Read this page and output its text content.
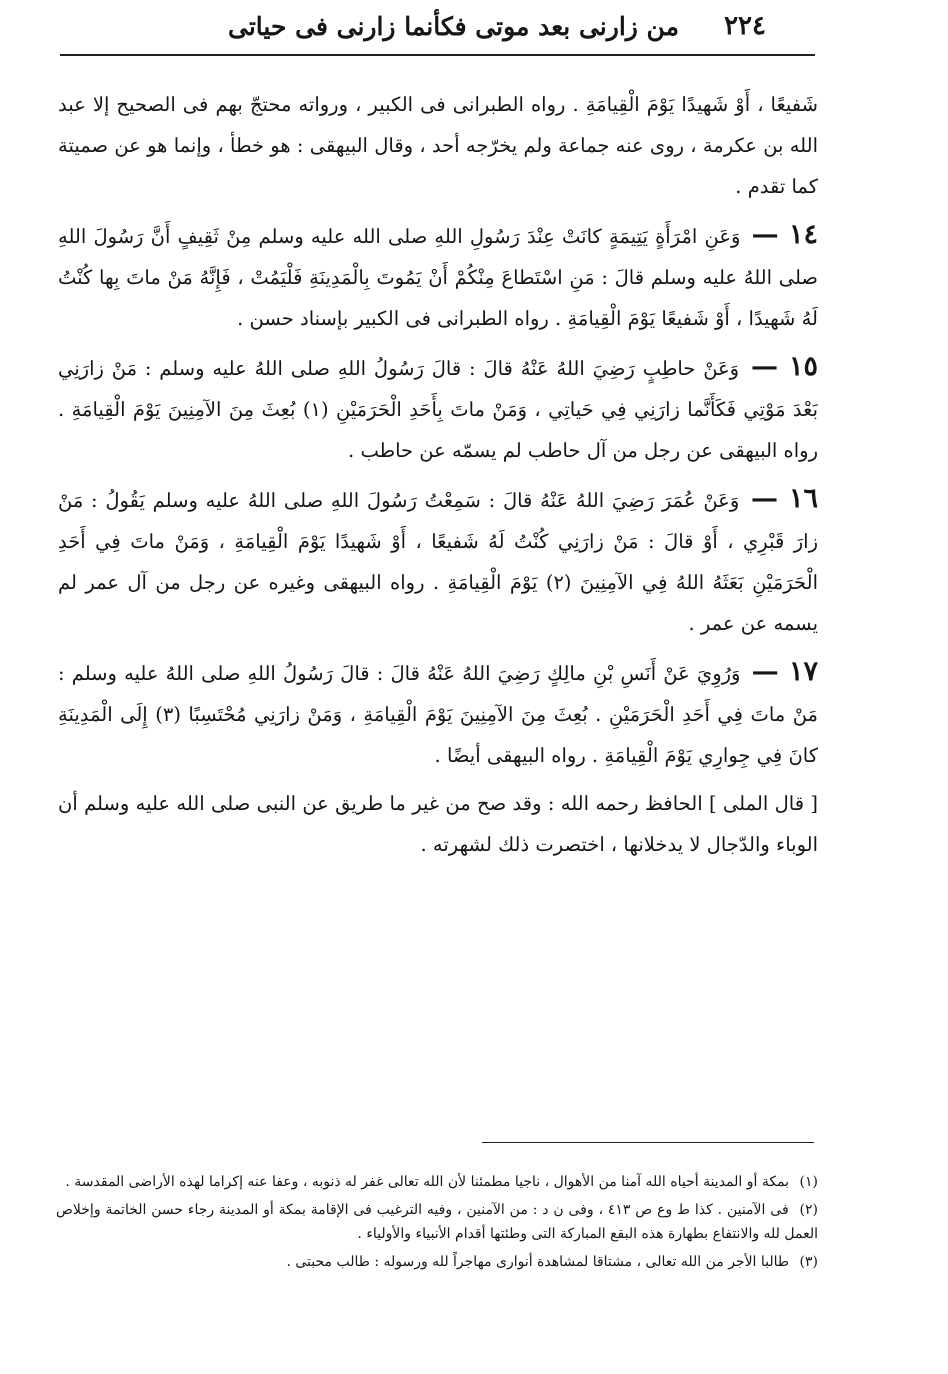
٢٢٤
من زارنى بعد موتى فكأنما زارنى فى حياتى

شَفيعًا ، أَوْ شَهيدًا يَوْمَ الْقِيامَةِ . رواه الطبرانى فى الكبير ، ورواته محتجّ بهم فى الصحيح إلا عبد الله بن عكرمة ، روى عنه جماعة ولم يخرّجه أحد ، وقال البيهقى : هو خطأ ، وإنما هو عن صميتة كما تقدم .

١٤ — وَعَنِ امْرَأَةٍ يَتِيمَةٍ كانَتْ عِنْدَ رَسُولِ اللهِ صلى الله عليه وسلم مِنْ ثَقِيفٍ أَنَّ رَسُولَ اللهِ صلى اللهُ عليه وسلم قالَ : مَنِ اسْتَطاعَ مِنْكُمْ أَنْ يَمُوتَ بِالْمَدِينَةِ فَلْيَمُتْ ، فَإِنَّهُ مَنْ ماتَ بِها كُنْتُ لَهُ شَهيدًا ، أَوْ شَفيعًا يَوْمَ الْقِيامَةِ . رواه الطبرانى فى الكبير بإسناد حسن .

١٥ — وَعَنْ حاطِبٍ رَضِيَ اللهُ عَنْهُ قالَ : قالَ رَسُولُ اللهِ صلى اللهُ عليه وسلم : مَنْ زارَنِي بَعْدَ مَوْتِي فَكَأَنَّما زارَنِي فِي حَياتِي ، وَمَنْ ماتَ بِأَحَدِ الْحَرَمَيْنِ (١) بُعِثَ مِنَ الآمِنِينَ يَوْمَ الْقِيامَةِ . رواه البيهقى عن رجل من آل حاطب لم يسمّه عن حاطب .

١٦ — وَعَنْ عُمَرَ رَضِيَ اللهُ عَنْهُ قالَ : سَمِعْتُ رَسُولَ اللهِ صلى اللهُ عليه وسلم يَقُولُ : مَنْ زارَ قَبْرِي ، أَوْ قالَ : مَنْ زارَنِي كُنْتُ لَهُ شَفيعًا ، أَوْ شَهيدًا يَوْمَ الْقِيامَةِ ، وَمَنْ ماتَ فِي أَحَدِ الْحَرَمَيْنِ بَعَثَهُ اللهُ فِي الآمِنِينَ (٢) يَوْمَ الْقِيامَةِ . رواه البيهقى وغيره عن رجل من آل عمر لم يسمه عن عمر .

١٧ — وَرُوِيَ عَنْ أَنَسِ بْنِ مالِكٍ رَضِيَ اللهُ عَنْهُ قالَ : قالَ رَسُولُ اللهِ صلى اللهُ عليه وسلم : مَنْ ماتَ فِي أَحَدِ الْحَرَمَيْنِ . بُعِثَ مِنَ الآمِنِينَ يَوْمَ الْقِيامَةِ ، وَمَنْ زارَنِي مُحْتَسِبًا (٣) إِلَى الْمَدِينَةِ كانَ فِي جِوارِي يَوْمَ الْقِيامَةِ . رواه البيهقى أيضًا .

[ قال الملى ] الحافظ رحمه الله : وقد صح من غير ما طريق عن النبى صلى الله عليه وسلم أن الوباء والدّجال لا يدخلانها ، اختصرت ذلك لشهرته .

(١) بمكة أو المدينة أحياه الله آمنا من الأهوال ، ناجيا مطمئنا لأن الله تعالى غفر له ذنوبه ، وعفا عنه إكراما لهذه الأراضى المقدسة .

(٢) فى الآمنين . كذا ط وع ص ٤١٣ ، وفى ن د : من الآمنين ، وفيه الترغيب فى الإقامة بمكة أو المدينة رجاء حسن الخاتمة وإخلاص العمل لله والانتفاع بطهارة هذه البقع المباركة التى وطئتها أقدام الأنبياء والأولياء .

(٣) طالبا الأجر من الله تعالى ، مشتاقا لمشاهدة أنوارى مهاجراً لله ورسوله : طالب محبتى .
